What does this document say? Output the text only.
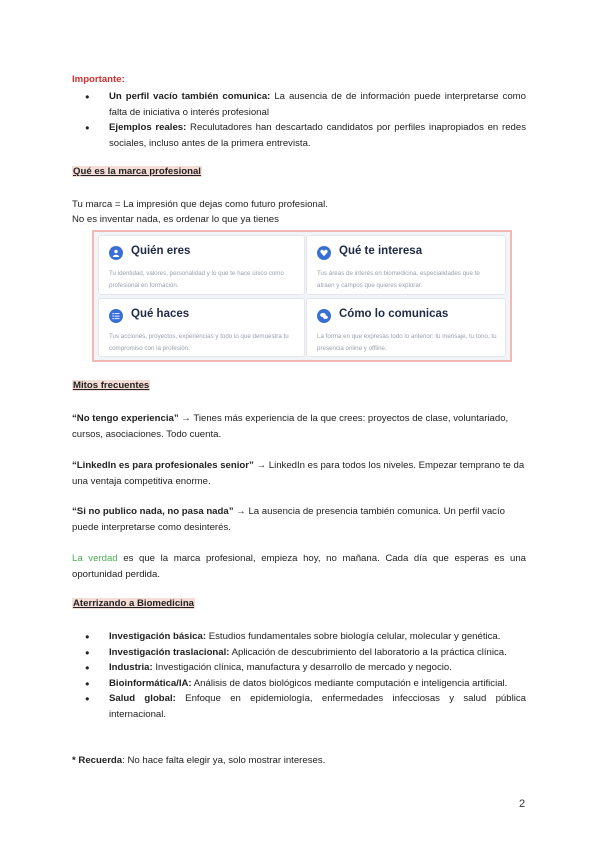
Importante:
● Un perfil vacío también comunica: La ausencia de de información puede interpretarse como falta de iniciativa o interés profesional
● Ejemplos reales: Reculutadores han descartado candidatos por perfiles inapropiados en redes sociales, incluso antes de la primera entrevista.
Qué es la marca profesional
Tu marca = La impresión que dejas como futuro profesional.
No es inventar nada, es ordenar lo que ya tienes
Quién eres
Tu identidad, valores, personalidad y lo que te hace único como profesional en formación.
Qué te interesa
Tus áreas de interés en biomedicina, especialidades que te atraen y campos que quieres explorar.
Qué haces
Tus acciones, proyectos, experiencias y todo lo que demuestra tu compromiso con la profesión.
Cómo lo comunicas
La forma en que expresas todo lo anterior: tu mensaje, tu tono, tu presencia online y offline.
Mitos frecuentes
“No tengo experiencia” → Tienes más experiencia de la que crees: proyectos de clase, voluntariado, cursos, asociaciones. Todo cuenta.
“LinkedIn es para profesionales senior” → LinkedIn es para todos los niveles. Empezar temprano te da una ventaja competitiva enorme.
“Si no publico nada, no pasa nada” → La ausencia de presencia también comunica. Un perfil vacío puede interpretarse como desinterés.
La verdad es que la marca profesional, empieza hoy, no mañana. Cada día que esperas es una oportunidad perdida.
Aterrizando a Biomedicina
● Investigación básica: Estudios fundamentales sobre biología celular, molecular y genética.
● Investigación traslacional: Aplicación de descubrimiento del laboratorio a la práctica clínica.
● Industria: Investigación clínica, manufactura y desarrollo de mercado y negocio.
● Bioinformática/IA: Análisis de datos biológicos mediante computación e inteligencia artificial.
● Salud global: Enfoque en epidemiología, enfermedades infecciosas y salud pública internacional.
* Recuerda: No hace falta elegir ya, solo mostrar intereses.
2
